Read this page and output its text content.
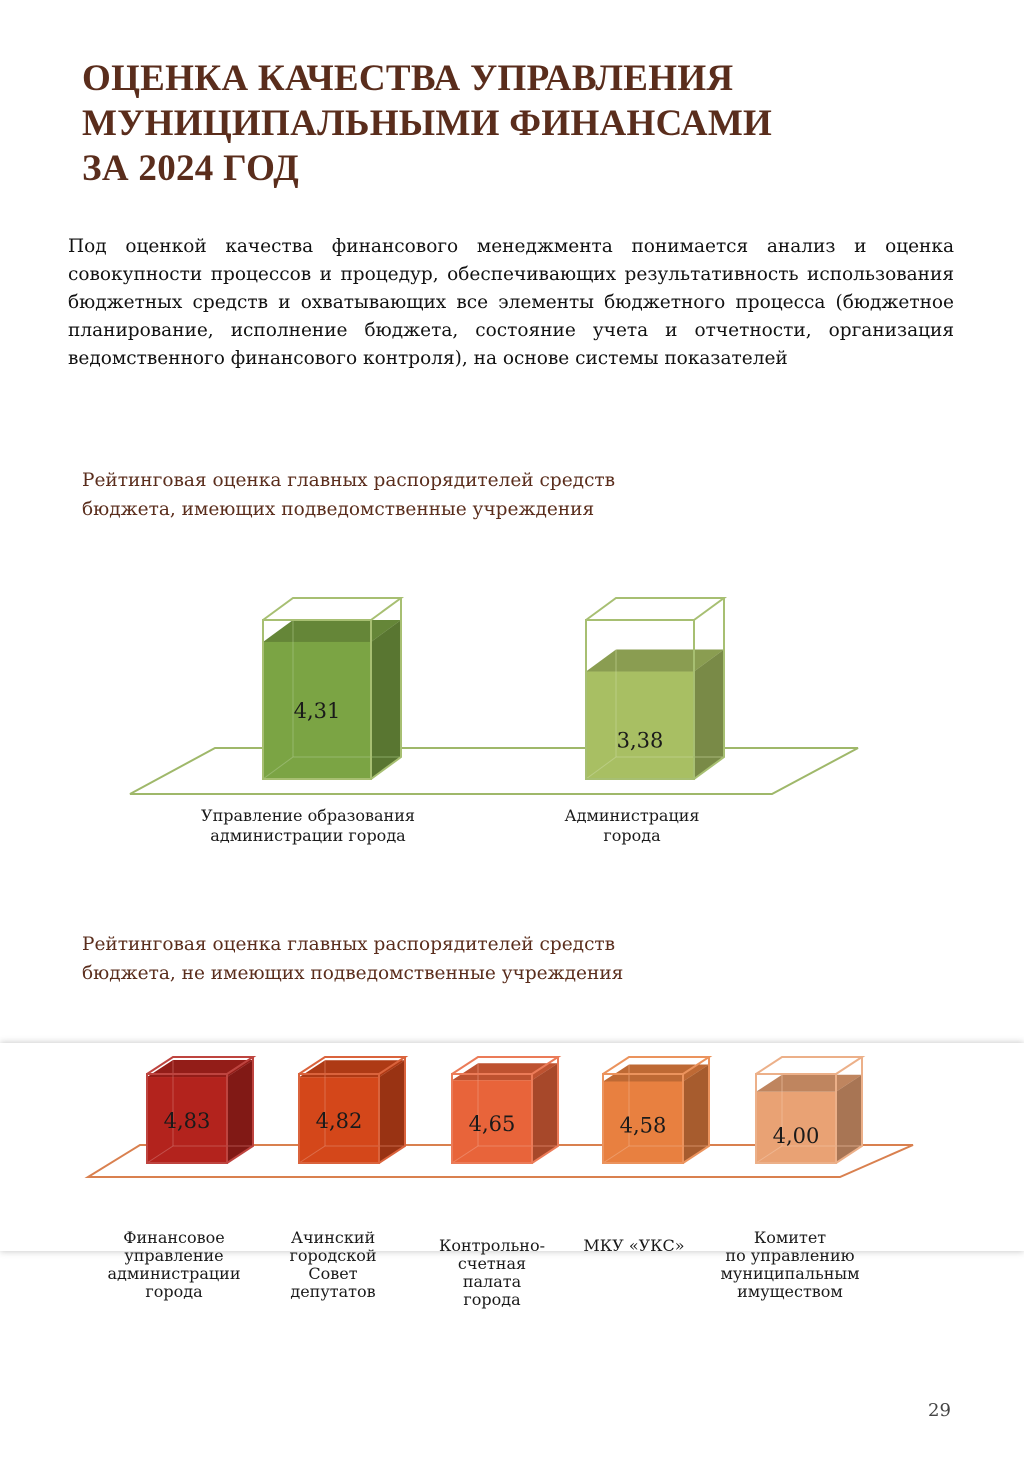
ОЦЕНКА КАЧЕСТВА УПРАВЛЕНИЯ
МУНИЦИПАЛЬНЫМИ ФИНАНСАМИ
ЗА 2024 ГОД
Под оценкой качества финансового менеджмента понимается анализ и оценка совокупности процессов и процедур, обеспечивающих результативность использования бюджетных средств и охватывающих все элементы бюджетного процесса (бюджетное планирование, исполнение бюджета, состояние учета и отчетности, организация ведомственного финансового контроля), на основе системы показателей
Рейтинговая оценка главных распорядителей средств
бюджета, имеющих подведомственные учреждения
4,31
Управление образования
администрации города
3,38
Администрация
города
Рейтинговая оценка главных распорядителей средств
бюджета, не имеющих подведомственные учреждения
4,83
Финансовое
управление
администрации
города
4,82
Ачинский
городской
Совет
депутатов
4,65
Контрольно-
счетная
палата
города
4,58
МКУ «УКС»
4,00
Комитет
по управлению
муниципальным
имуществом
29
